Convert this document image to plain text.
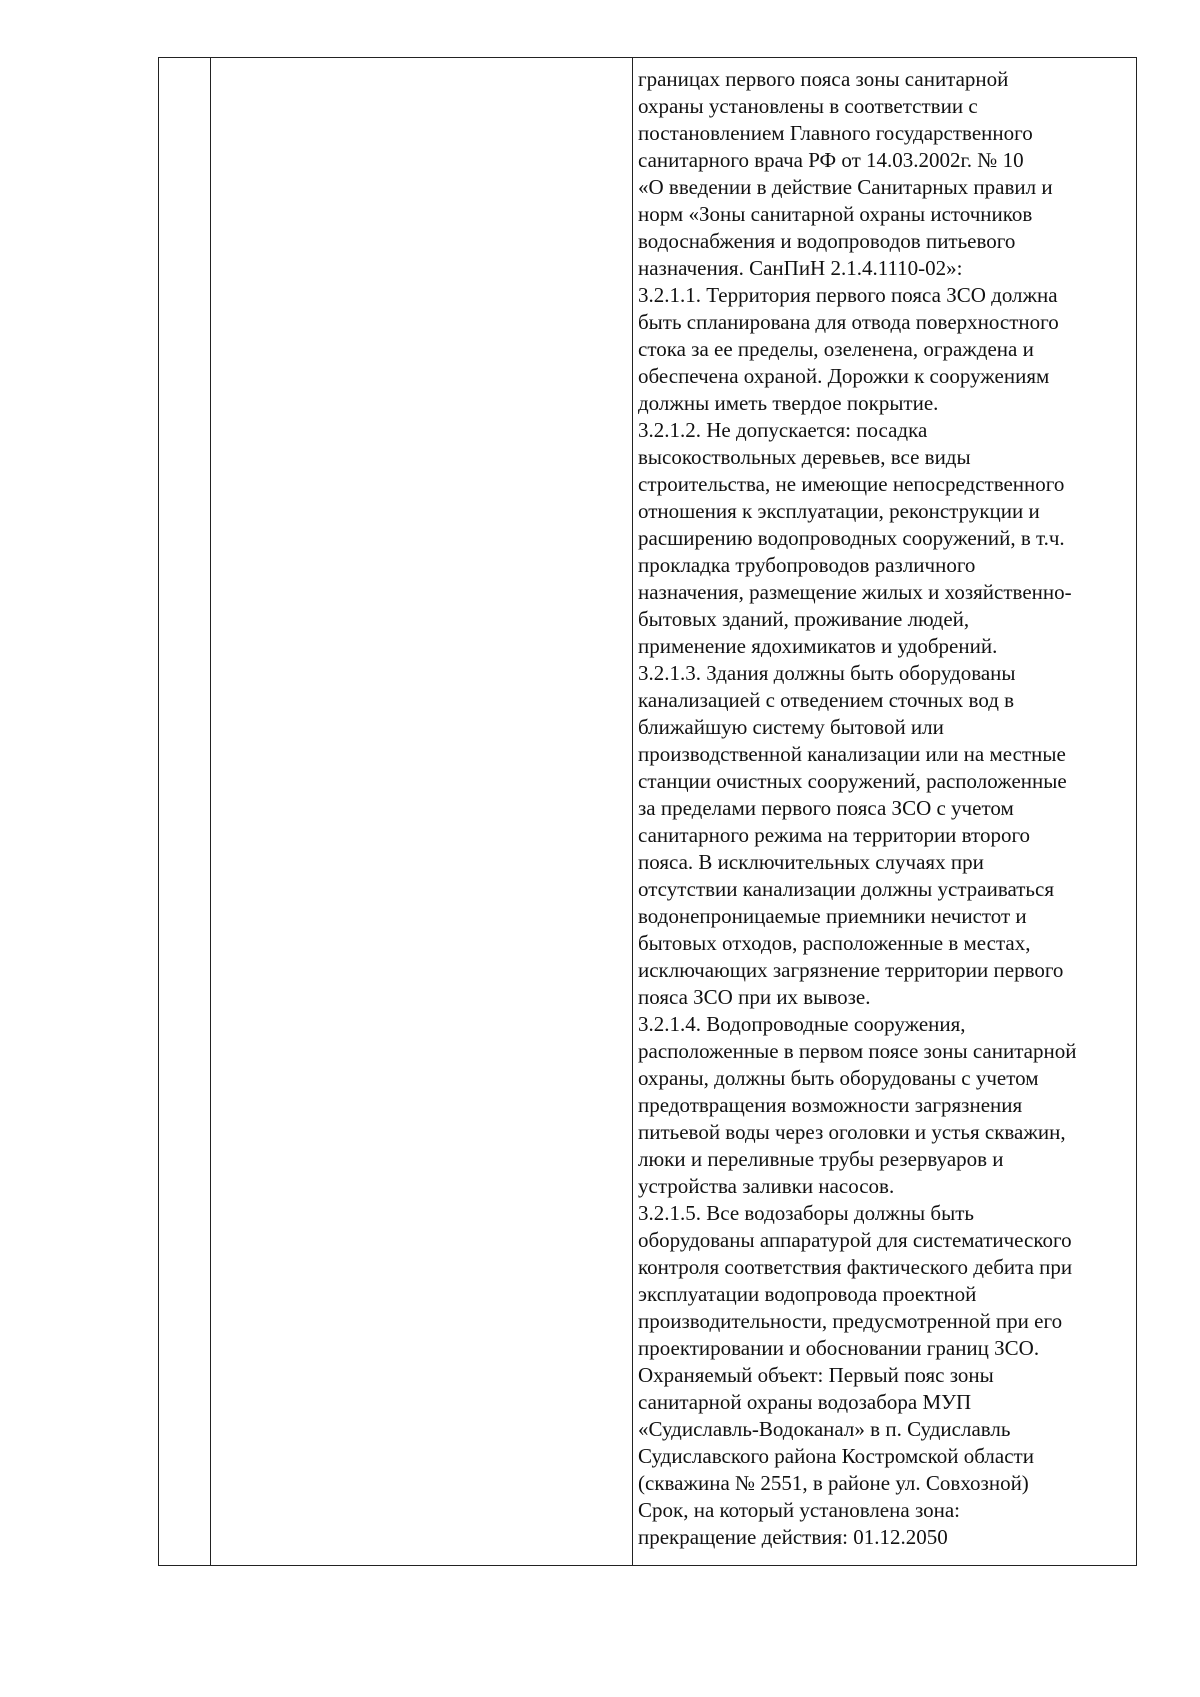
границах первого пояса зоны санитарной
охраны установлены в соответствии с
постановлением Главного государственного
санитарного врача РФ от 14.03.2002г. № 10
«О введении в действие Санитарных правил и
норм «Зоны санитарной охраны источников
водоснабжения и водопроводов питьевого
назначения. СанПиН 2.1.4.1110-02»:
3.2.1.1. Территория первого пояса ЗСО должна
быть спланирована для отвода поверхностного
стока за ее пределы, озеленена, ограждена и
обеспечена охраной. Дорожки к сооружениям
должны иметь твердое покрытие.
3.2.1.2. Не допускается: посадка
высокоствольных деревьев, все виды
строительства, не имеющие непосредственного
отношения к эксплуатации, реконструкции и
расширению водопроводных сооружений, в т.ч.
прокладка трубопроводов различного
назначения, размещение жилых и хозяйственно-
бытовых зданий, проживание людей,
применение ядохимикатов и удобрений.
3.2.1.3. Здания должны быть оборудованы
канализацией с отведением сточных вод в
ближайшую систему бытовой или
производственной канализации или на местные
станции очистных сооружений, расположенные
за пределами первого пояса ЗСО с учетом
санитарного режима на территории второго
пояса. В исключительных случаях при
отсутствии канализации должны устраиваться
водонепроницаемые приемники нечистот и
бытовых отходов, расположенные в местах,
исключающих загрязнение территории первого
пояса ЗСО при их вывозе.
3.2.1.4. Водопроводные сооружения,
расположенные в первом поясе зоны санитарной
охраны, должны быть оборудованы с учетом
предотвращения возможности загрязнения
питьевой воды через оголовки и устья скважин,
люки и переливные трубы резервуаров и
устройства заливки насосов.
3.2.1.5. Все водозаборы должны быть
оборудованы аппаратурой для систематического
контроля соответствия фактического дебита при
эксплуатации водопровода проектной
производительности, предусмотренной при его
проектировании и обосновании границ ЗСО.
Охраняемый объект: Первый пояс зоны
санитарной охраны водозабора МУП
«Судиславль-Водоканал» в п. Судиславль
Судиславского района Костромской области
(скважина № 2551, в районе ул. Совхозной)
Срок, на который установлена зона:
прекращение действия: 01.12.2050
